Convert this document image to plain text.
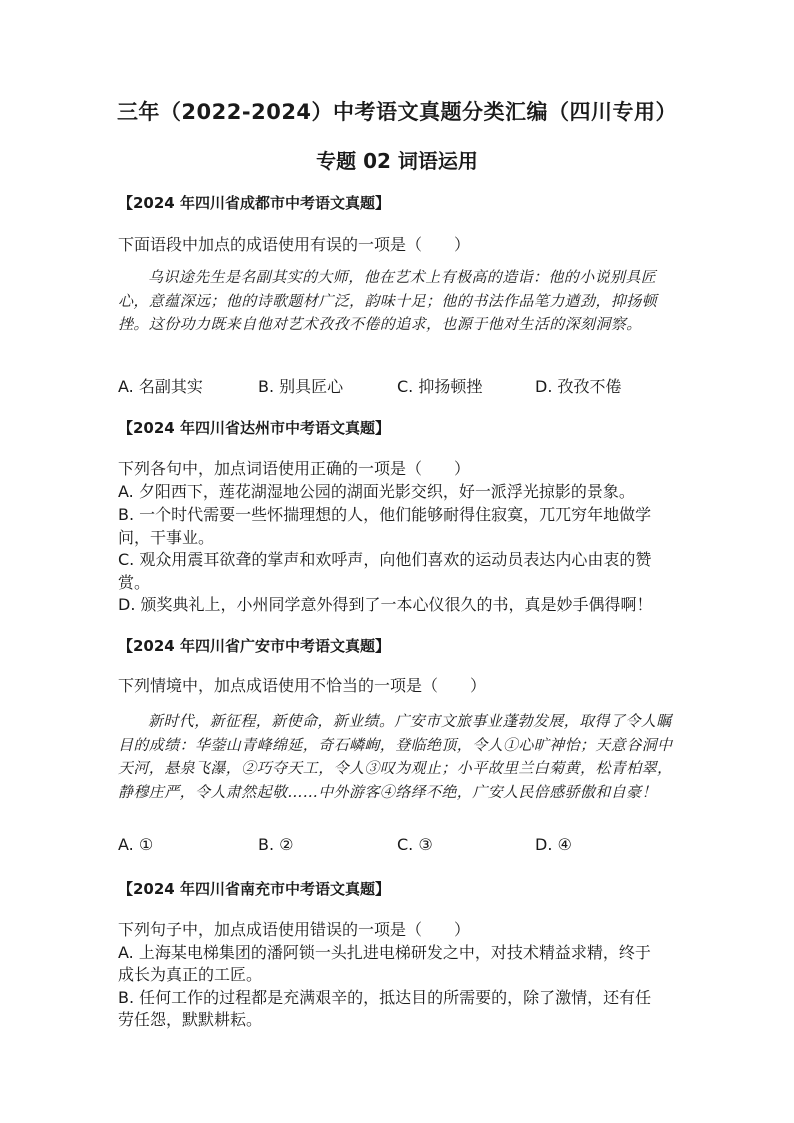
三年（2022-2024）中考语文真题分类汇编（四川专用）
专题 02 词语运用
【2024 年四川省成都市中考语文真题】
下面语段中加点的成语使用有误的一项是（　　）
乌识途先生是名副其实的大师，他在艺术上有极高的造诣：他的小说别具匠心，意蕴深远；他的诗歌题材广泛，韵味十足；他的书法作品笔力遒劲，抑扬顿挫。这份功力既来自他对艺术孜孜不倦的追求，也源于他对生活的深刻洞察。
A. 名副其实	B. 别具匠心	C. 抑扬顿挫	D. 孜孜不倦
【2024 年四川省达州市中考语文真题】
下列各句中，加点词语使用正确的一项是（　　）
A. 夕阳西下，莲花湖湿地公园的湖面光影交织，好一派浮光掠影的景象。
B. 一个时代需要一些怀揣理想的人，他们能够耐得住寂寞，兀兀穷年地做学
问，干事业。
C. 观众用震耳欲聋的掌声和欢呼声，向他们喜欢的运动员表达内心由衷的赞
赏。
D. 颁奖典礼上，小州同学意外得到了一本心仪很久的书，真是妙手偶得啊！
【2024 年四川省广安市中考语文真题】
下列情境中，加点成语使用不恰当的一项是（　　）
新时代，新征程，新使命，新业绩。广安市文旅事业蓬勃发展，取得了令人瞩目的成绩：华蓥山青峰绵延，奇石嶙峋，登临绝顶，令人①心旷神怡；天意谷洞中天河，悬泉飞瀑，②巧夺天工，令人③叹为观止；小平故里兰白菊黄，松青柏翠，静穆庄严，令人肃然起敬……中外游客④络绎不绝，广安人民倍感骄傲和自豪！
A. ①	B. ②	C. ③	D. ④
【2024 年四川省南充市中考语文真题】
下列句子中，加点成语使用错误的一项是（　　）
A. 上海某电梯集团的潘阿锁一头扎进电梯研发之中，对技术精益求精，终于
成长为真正的工匠。
B. 任何工作的过程都是充满艰辛的，抵达目的所需要的，除了激情，还有任
劳任怨，默默耕耘。
